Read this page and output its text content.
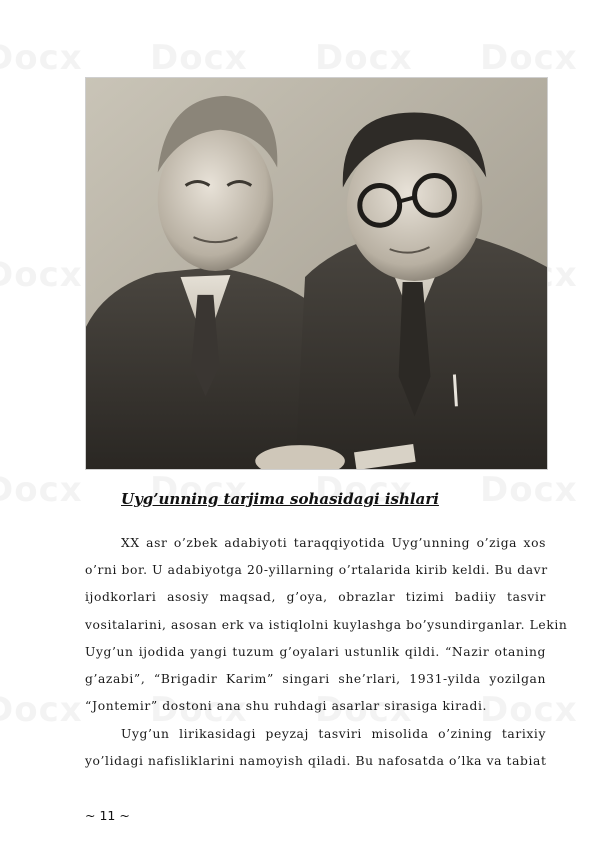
Uyg’unning tarjima sohasidagi ishlari
XX asr o’zbek adabiyoti taraqqiyotida Uyg’unning o’ziga xos
o’rni bor. U adabiyotga 20-yillarning o’rtalarida kirib keldi. Bu davr
ijodkorlari asosiy maqsad, g’oya, obrazlar tizimi badiiy tasvir
vositalarini, asosan erk va istiqlolni kuylashga bo’ysundirganlar. Lekin
Uyg’un ijodida yangi tuzum g’oyalari ustunlik qildi. “Nazir otaning
g’azabi”, “Brigadir Karim” singari she’rlari, 1931-yilda yozilgan
“Jontemir” dostoni ana shu ruhdagi asarlar sirasiga kiradi.
Uyg’un lirikasidagi peyzaj tasviri misolida o’zining tarixiy
yo’lidagi nafisliklarini namoyish qiladi. Bu nafosatda o’lka va tabiat
~ 11 ~
